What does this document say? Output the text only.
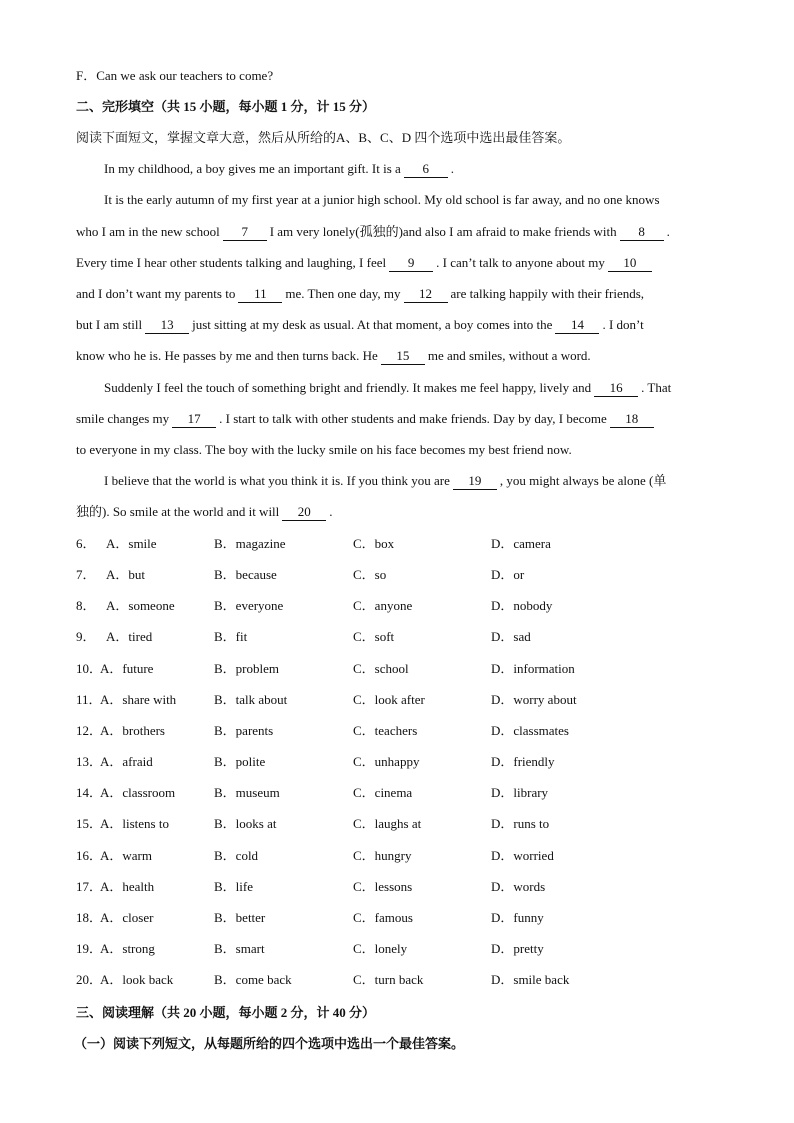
F．Can we ask our teachers to come?
二、完形填空（共 15 小题，每小题 1 分，计 15 分）
阅读下面短文，掌握文章大意，然后从所给的A、B、C、D 四个选项中选出最佳答案。
In my childhood, a boy gives me an important gift. It is a 6 .
It is the early autumn of my first year at a junior high school. My old school is far away, and no one knows
who I am in the new school 7 I am very lonely(孤独的)and also I am afraid to make friends with 8 .
Every time I hear other students talking and laughing, I feel 9 . I can’t talk to anyone about my 10
and I don’t want my parents to 11 me. Then one day, my 12 are talking happily with their friends,
but I am still 13 just sitting at my desk as usual. At that moment, a boy comes into the 14 . I don’t
know who he is. He passes by me and then turns back. He 15 me and smiles, without a word.
Suddenly I feel the touch of something bright and friendly. It makes me feel happy, lively and 16 . That
smile changes my 17 . I start to talk with other students and make friends. Day by day, I become 18
to everyone in my class. The boy with the lucky smile on his face becomes my best friend now.
I believe that the world is what you think it is. If you think you are 19 , you might always be alone (单
独的). So smile at the world and it will 20 .
6． A．smile	B．magazine	C．box	D．camera
7． A．but	B．because	C．so	D．or
8． A．someone	B．everyone	C．anyone	D．nobody
9． A．tired	B．fit	C．soft	D．sad
10．
A．future	B．problem	C．school	D．information
11．
A．share with	B．talk about	C．look after	D．worry about
12．
A．brothers	B．parents	C．teachers	D．classmates
13．
A．afraid	B．polite	C．unhappy	D．friendly
14．
A．classroom	B．museum	C．cinema	D．library
15．
A．listens to	B．looks at	C．laughs at	D．runs to
16．
A．warm	B．cold	C．hungry	D．worried
17．
A．health	B．life	C．lessons	D．words
18．
A．closer	B．better	C．famous	D．funny
19．
A．strong	B．smart	C．lonely	D．pretty
20．
A．look back	B．come back	C．turn back	D．smile back
三、阅读理解（共 20 小题，每小题 2 分，计 40 分）
（一）阅读下列短文，从每题所给的四个选项中选出一个最佳答案。
